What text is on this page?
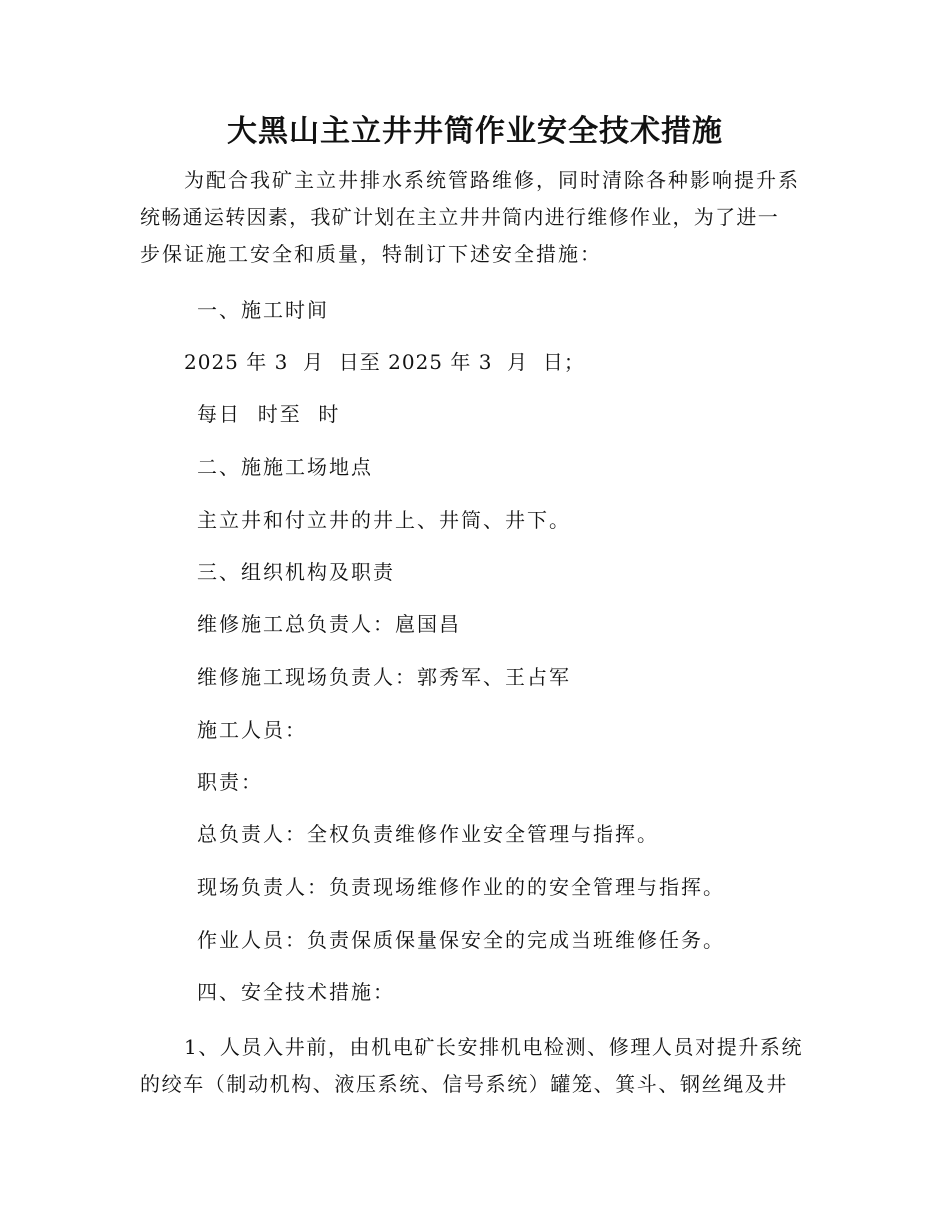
大黑山主立井井筒作业安全技术措施
为配合我矿主立井排水系统管路维修，同时清除各种影响提升系
统畅通运转因素，我矿计划在主立井井筒内进行维修作业，为了进一
步保证施工安全和质量，特制订下述安全措施：
一、施工时间
2025 年 3  月  日至 2025 年 3  月  日；
每日  时至  时
二、施施工场地点
主立井和付立井的井上、井筒、井下。
三、组织机构及职责
维修施工总负责人：扈国昌
维修施工现场负责人：郭秀军、王占军
施工人员：
职责：
总负责人：全权负责维修作业安全管理与指挥。
现场负责人：负责现场维修作业的的安全管理与指挥。
作业人员：负责保质保量保安全的完成当班维修任务。
四、安全技术措施：
1、人员入井前，由机电矿长安排机电检测、修理人员对提升系统
的绞车（制动机构、液压系统、信号系统）罐笼、箕斗、钢丝绳及井
